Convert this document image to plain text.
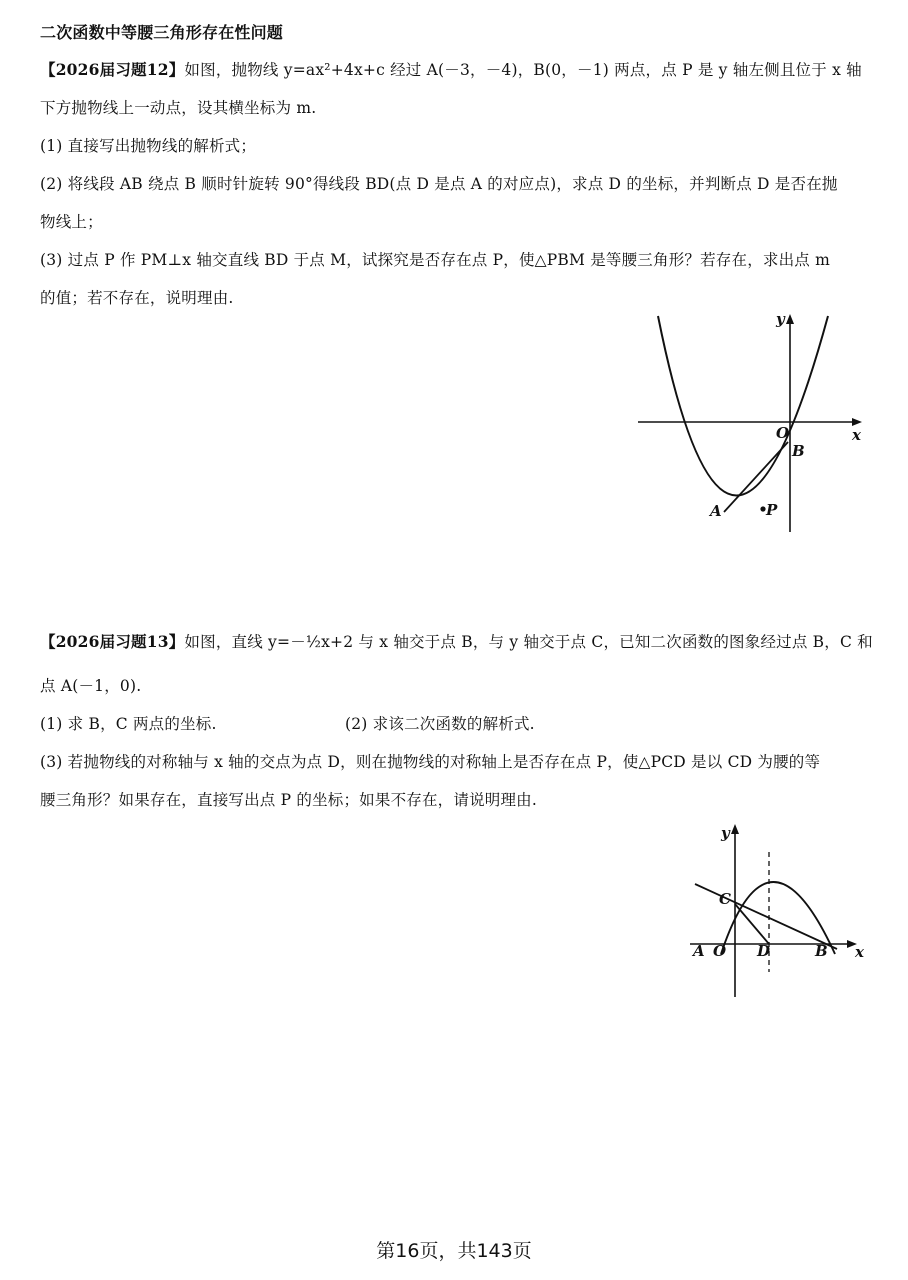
二次函数中等腰三角形存在性问题
【2026届习题12】如图，抛物线 y=ax²+4x+c 经过 A(－3，－4)，B(0，－1) 两点，点 P 是 y 轴左侧且位于 x 轴
下方抛物线上一动点，设其横坐标为 m.
(1) 直接写出抛物线的解析式；
(2) 将线段 AB 绕点 B 顺时针旋转 90°得线段 BD(点 D 是点 A 的对应点)，求点 D 的坐标，并判断点 D 是否在抛
物线上；
(3) 过点 P 作 PM⊥x 轴交直线 BD 于点 M，试探究是否存在点 P，使△PBM 是等腰三角形？若存在，求出点 m
的值；若不存在，说明理由.
y
x
O
B
A	P
【2026届习题13】如图，直线 y=－½x+2 与 x 轴交于点 B，与 y 轴交于点 C，已知二次函数的图象经过点 B，C 和
点 A(－1，0).
(1) 求 B，C 两点的坐标.	(2) 求该二次函数的解析式.
(3) 若抛物线的对称轴与 x 轴的交点为点 D，则在抛物线的对称轴上是否存在点 P，使△PCD 是以 CD 为腰的等
腰三角形？如果存在，直接写出点 P 的坐标；如果不存在，请说明理由.
y
x
C
A O D	B
第16页，共143页
